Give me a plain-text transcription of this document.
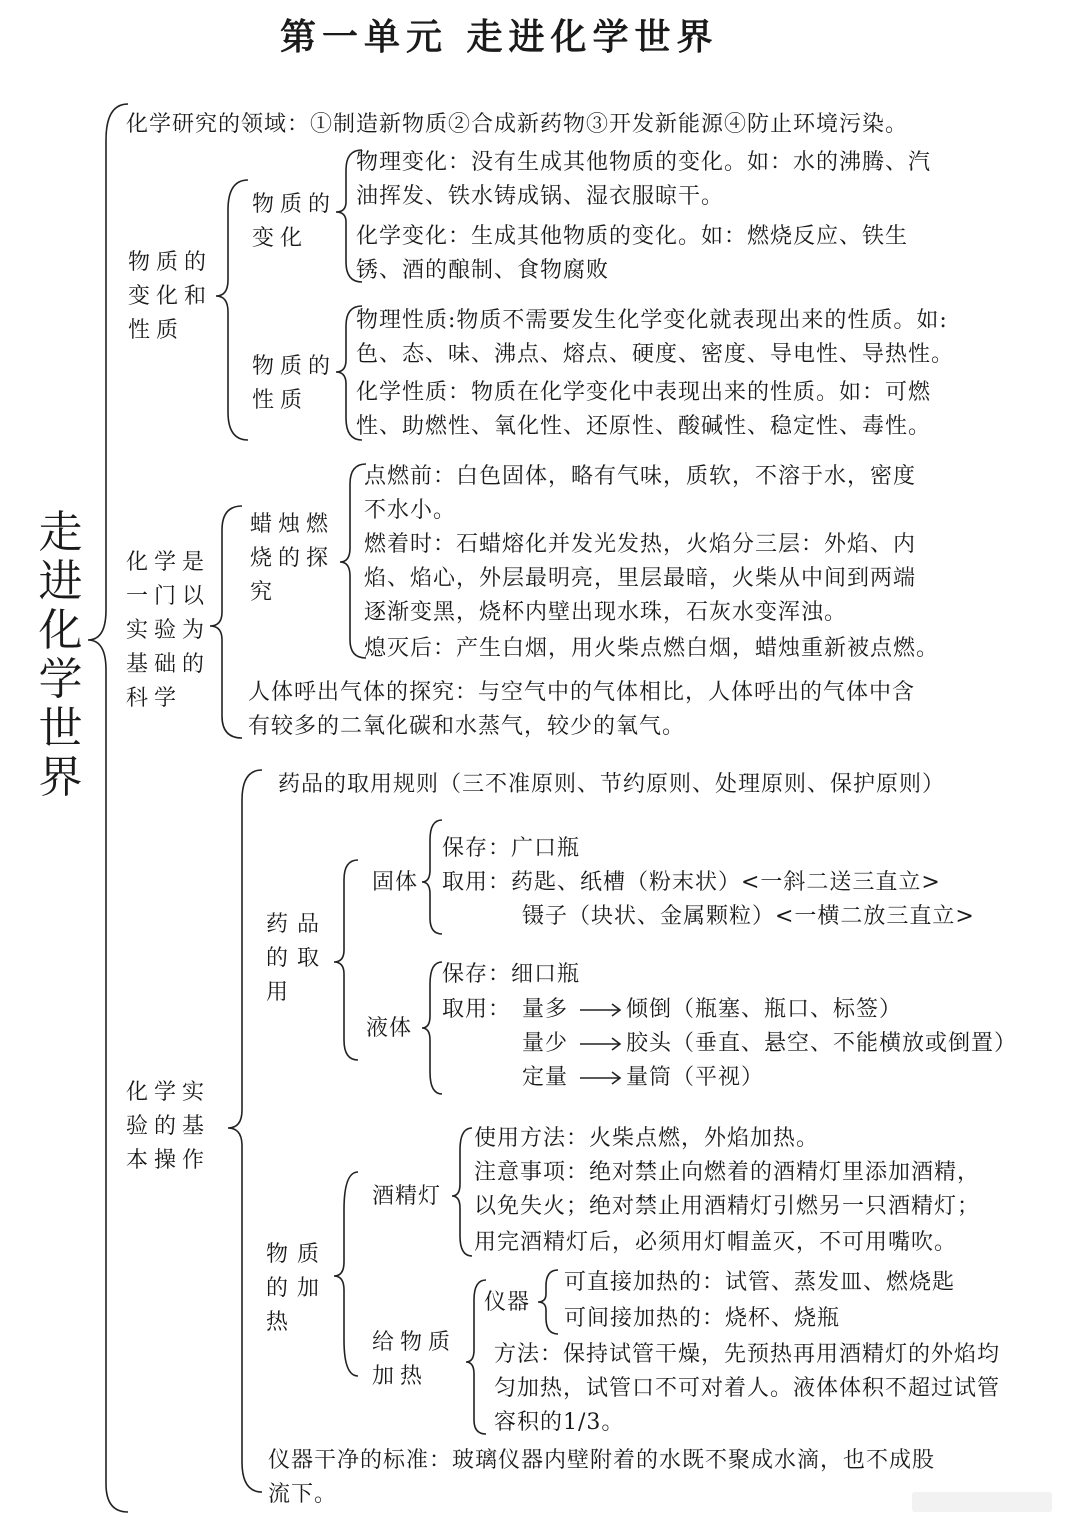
第一单元 走进化学世界
走进化学世界
化学研究的领域：①制造新物质②合成新药物③开发新能源④防止环境污染。
物质的
变化和
性质
物质的
变化
物理变化：没有生成其他物质的变化。如：水的沸腾、汽
油挥发、铁水铸成锅、湿衣服晾干。
化学变化：生成其他物质的变化。如：燃烧反应、铁生
锈、酒的酿制、食物腐败
物质的
性质
物理性质:物质不需要发生化学变化就表现出来的性质。如:
色、态、味、沸点、熔点、硬度、密度、导电性、导热性。
化学性质：物质在化学变化中表现出来的性质。如：可燃
性、助燃性、氧化性、还原性、酸碱性、稳定性、毒性。
化学是
一门以
实验为
基础的
科学
蜡烛燃
烧的探
究
点燃前：白色固体，略有气味，质软，不溶于水，密度
不水小。
燃着时：石蜡熔化并发光发热，火焰分三层：外焰、内
焰、焰心，外层最明亮，里层最暗，火柴从中间到两端
逐渐变黑，烧杯内壁出现水珠，石灰水变浑浊。
熄灭后：产生白烟，用火柴点燃白烟，蜡烛重新被点燃。
人体呼出气体的探究：与空气中的气体相比，人体呼出的气体中含
有较多的二氧化碳和水蒸气，较少的氧气。
化学实
验的基
本操作
药品的取用规则（三不准原则、节约原则、处理原则、保护原则）
药 品
的 取
用
固体
保存：广口瓶
取用：药匙、纸槽（粉末状）<一斜二送三直立>
镊子（块状、金属颗粒）<一横二放三直立>
液体
保存：细口瓶
取用： 量多	倾倒（瓶塞、瓶口、标签）
量少	胶头（垂直、悬空、不能横放或倒置）
定量	量筒（平视）
物 质
的 加
热
酒精灯
使用方法：火柴点燃，外焰加热。
注意事项：绝对禁止向燃着的酒精灯里添加酒精，
以免失火；绝对禁止用酒精灯引燃另一只酒精灯；
用完酒精灯后，必须用灯帽盖灭，不可用嘴吹。
给物质
加热
仪器
可直接加热的：试管、蒸发皿、燃烧匙
可间接加热的：烧杯、烧瓶
方法：保持试管干燥，先预热再用酒精灯的外焰均
匀加热，试管口不可对着人。液体体积不超过试管
容积的1/3。
仪器干净的标准：玻璃仪器内壁附着的水既不聚成水滴，也不成股
流下。
